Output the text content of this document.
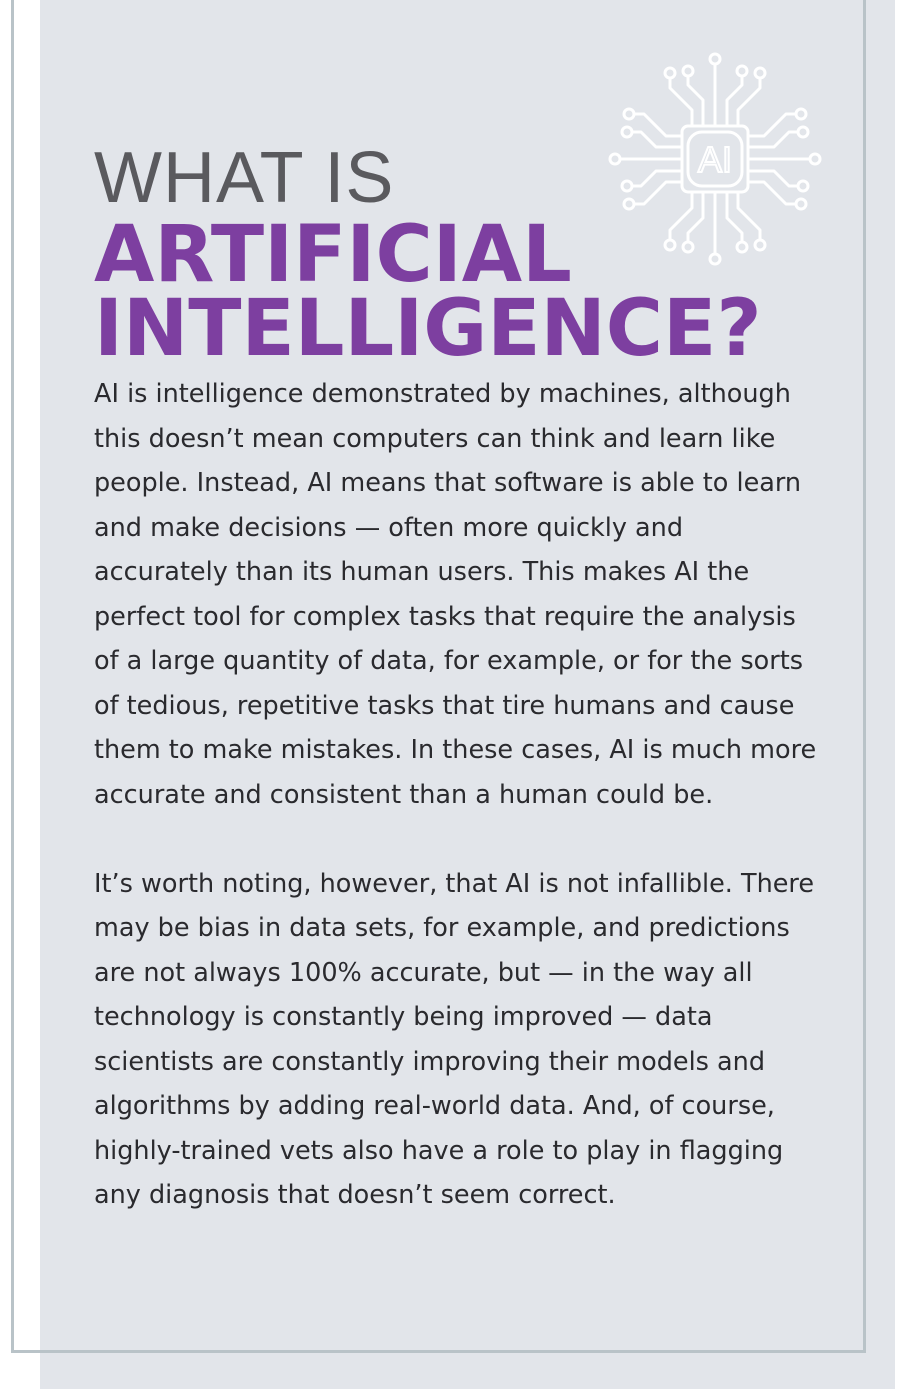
AI
WHAT IS
ARTIFICIAL
INTELLIGENCE?

AI is intelligence demonstrated by machines, although this doesn’t mean computers can think and learn like people. Instead, AI means that software is able to learn and make decisions — often more quickly and accurately than its human users. This makes AI the perfect tool for complex tasks that require the analysis of a large quantity of data, for example, or for the sorts of tedious, repetitive tasks that tire humans and cause them to make mistakes. In these cases, AI is much more accurate and consistent than a human could be.

It’s worth noting, however, that AI is not infallible. There may be bias in data sets, for example, and predictions are not always 100% accurate, but — in the way all technology is constantly being improved — data scientists are constantly improving their models and algorithms by adding real-world data. And, of course, highly-trained vets also have a role to play in flagging any diagnosis that doesn’t seem correct.
